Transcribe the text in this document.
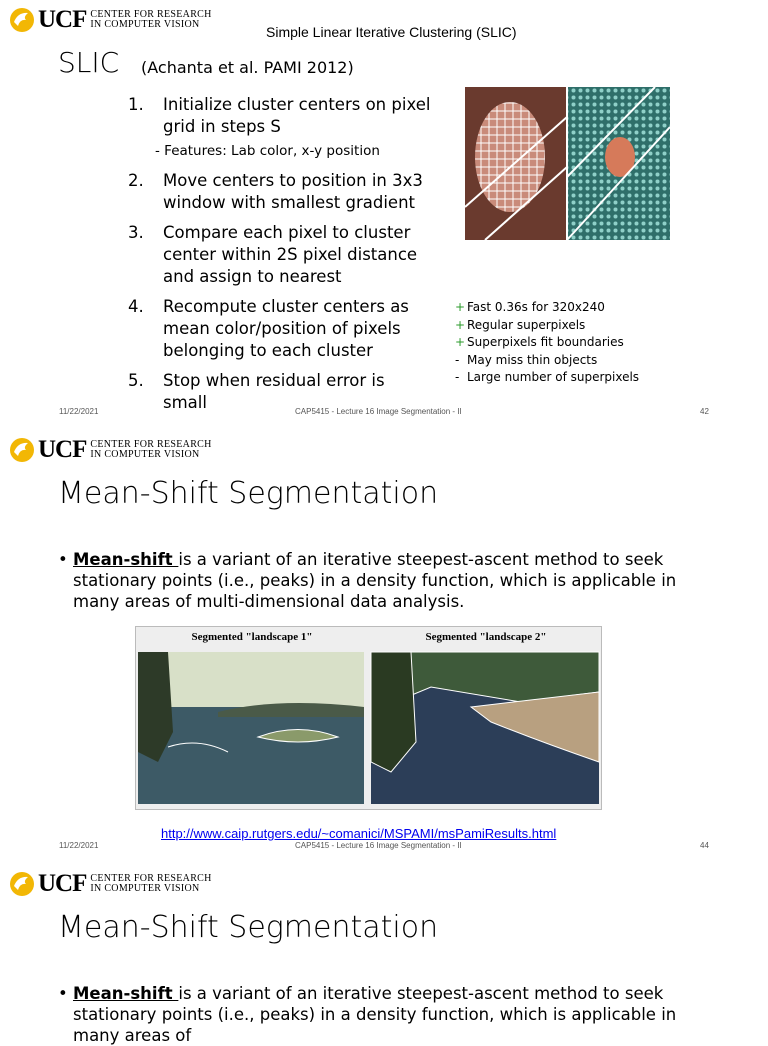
UCF CENTER FOR RESEARCH
IN COMPUTER VISION	Simple Linear Iterative Clustering (SLIC)
SLIC (Achanta et al. PAMI 2012)
1.	Initialize cluster centers on pixel grid in steps S
- Features: Lab color, x-y position
2.	Move centers to position in 3x3 window with smallest gradient
3.	Compare each pixel to cluster center within 2S pixel distance and assign to nearest
4.	Recompute cluster centers as mean color/position of pixels belonging to each cluster
5.	Stop when residual error is small
+ Fast 0.36s for 320x240
+ Regular superpixels
+ Superpixels fit boundaries
- May miss thin objects
- Large number of superpixels
11/22/2021	CAP5415 - Lecture 16 Image Segmentation - II	42
UCF CENTER FOR RESEARCH
IN COMPUTER VISION
Mean-Shift Segmentation
• Mean-shift is a variant of an iterative steepest-ascent method to seek stationary points (i.e., peaks) in a density function, which is applicable in many areas of multi-dimensional data analysis.
Segmented "landscape 1"	Segmented "landscape 2"
http://www.caip.rutgers.edu/~comanici/MSPAMI/msPamiResults.html
11/22/2021	CAP5415 - Lecture 16 Image Segmentation - II	44
UCF CENTER FOR RESEARCH
IN COMPUTER VISION
Mean-Shift Segmentation
• Mean-shift is a variant of an iterative steepest-ascent method to seek stationary points (i.e., peaks) in a density function, which is applicable in many areas of
